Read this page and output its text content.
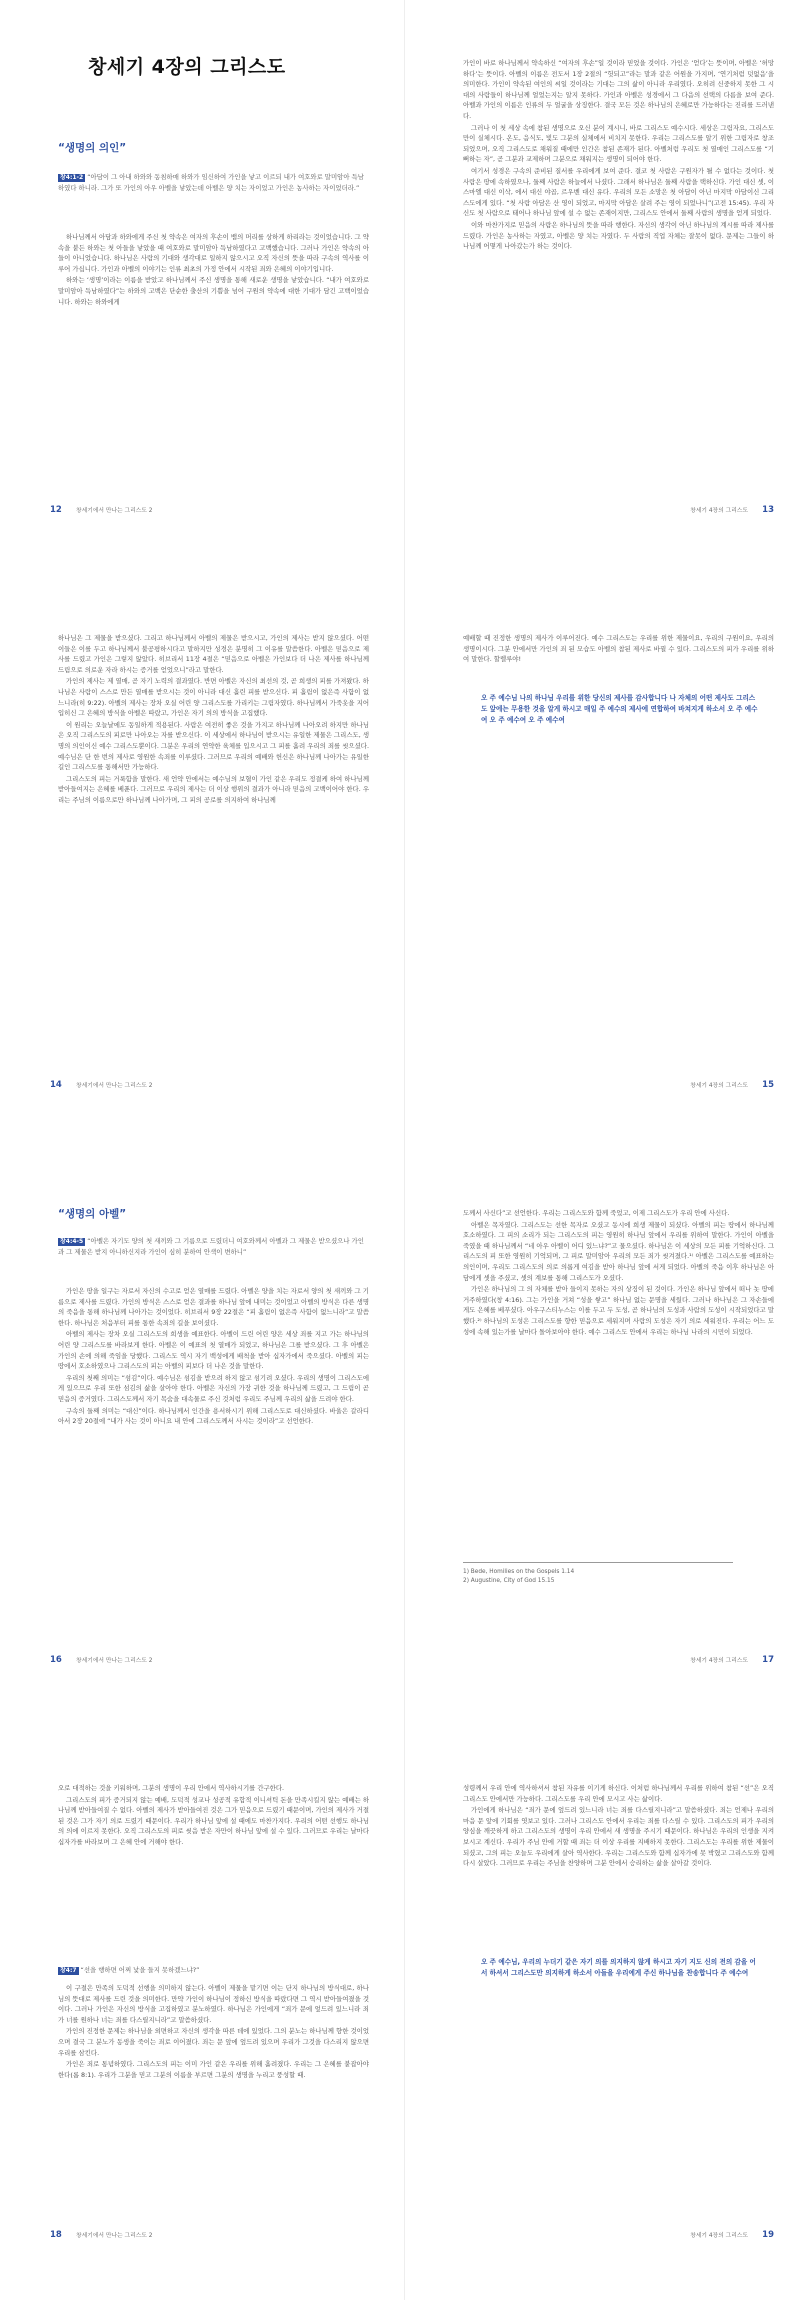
창세기 4장의 그리스도
“생명의 의인”
창4:1-2 “아담이 그 아내 하와와 동침하매 하와가 임신하여 가인을 낳고 이르되 내가 여호와로 말미암아 득남하였다 하니라. 그가 또 가인의 아우 아벨을 낳았는데 아벨은 양 치는 자이었고 가인은 농사하는 자이었더라.”

하나님께서 아담과 하와에게 주신 첫 약속은 여자의 후손이 뱀의 머리를 상하게 하리라는 것이었습니다. 그 약속을 붙든 하와는 첫 아들을 낳았을 때 여호와로 말미암아 득남하였다고 고백했습니다. 그러나 가인은 약속의 아들이 아니었습니다. 하나님은 사람의 기대와 생각대로 일하지 않으시고 오직 자신의 뜻을 따라 구속의 역사를 이루어 가십니다. 가인과 아벨의 이야기는 인류 최초의 가정 안에서 시작된 죄와 은혜의 이야기입니다.

하와는 ‘생명’이라는 이름을 받았고 하나님께서 주신 생명을 통해 새로운 생명을 낳았습니다. “내가 여호와로 말미암아 득남하였다”는 하와의 고백은 단순한 출산의 기쁨을 넘어 구원의 약속에 대한 기대가 담긴 고백이었습니다. 하와는 하와에게

12 창세기에서 만나는 그리스도 2

가인이 바로 하나님께서 약속하신 “여자의 후손”일 것이라 믿었을 것이다. 가인은 ‘얻다’는 뜻이며, 아벨은 ‘허망하다’는 뜻이다. 아벨의 이름은 전도서 1장 2절의 “헛되고”라는 말과 같은 어원을 가지며, ‘연기처럼 덧없음’을 의미한다. 가인이 약속된 여인의 씨일 것이라는 기대는 그의 삶이 아니라 우리였다. 오히려 신중하지 못한 그 시대의 사람들이 하나님께 얼었는지는 알지 못하다. 가인과 아벨은 성경에서 그 다음의 선택의 다름을 보여 준다. 아벨과 가인의 이름은 인류의 두 얼굴을 상징한다. 결국 모든 것은 하나님의 은혜로만 가능하다는 진리를 드러낸다.

그러나 이 첫 세상 속에 참된 생명으로 오신 분이 계시니, 바로 그리스도 예수시다. 세상은 그림자요, 그리스도만이 실체시다. 온도, 음식도, 빛도 그분의 실체에서 비치지 못한다. 우리는 그리스도를 알기 위한 그림자로 창조되었으며, 오직 그리스도로 채워질 때에만 인간은 참된 존재가 된다. 아벨처럼 우리도 첫 열매인 그리스도를 “기뻐하는 자”, 곧 그분과 교제하며 그분으로 채워지는 생명이 되어야 한다.

여기서 성경은 구속의 준비된 질서를 우리에게 보여 준다. 결코 첫 사람은 구원자가 될 수 없다는 것이다. 첫 사람은 땅에 속하였으나, 둘째 사람은 하늘에서 나셨다. 그래서 하나님은 둘째 사람을 택하신다. 가인 대신 셋, 이스마엘 대신 이삭, 에서 대신 야곱, 르우벤 대신 유다. 우리의 모든 소망은 첫 아담이 아닌 마지막 아담이신 그리스도에게 있다. “첫 사람 아담은 산 영이 되었고, 마지막 아담은 살려 주는 영이 되었나니”(고전 15:45). 우리 자신도 첫 사람으로 태어나 하나님 앞에 설 수 없는 존재이지만, 그리스도 안에서 둘째 사람의 생명을 얻게 되었다.

이와 마찬가지로 믿음의 사람은 하나님의 뜻을 따라 행한다. 자신의 생각이 아닌 하나님의 계시를 따라 제사를 드렸다. 가인은 농사하는 자였고, 아벨은 양 치는 자였다. 두 사람의 직업 자체는 잘못이 없다. 문제는 그들이 하나님께 어떻게 나아갔는가 하는 것이다.

창세기 4장의 그리스도 13

하나님은 그 제물을 받으셨다. 그리고 하나님께서 아벨의 제물은 받으시고, 가인의 제사는 받지 않으셨다. 어떤 이들은 이를 두고 하나님께서 불공평하시다고 말하지만 성경은 분명히 그 이유를 말씀한다. 아벨은 믿음으로 제사를 드렸고 가인은 그렇지 않았다. 히브리서 11장 4절은 “믿음으로 아벨은 가인보다 더 나은 제사를 하나님께 드림으로 의로운 자라 하시는 증거를 얻었으니”라고 말한다.

가인의 제사는 제 열매, 곧 자기 노력의 결과였다. 반면 아벨은 자신의 최선의 것, 곧 희생의 피를 가져왔다. 하나님은 사람이 스스로 만든 열매를 받으시는 것이 아니라 대신 흘린 피를 받으신다. 피 흘림이 없은즉 사함이 없느니라(히 9:22). 아벨의 제사는 장차 오실 어린 양 그리스도를 가리키는 그림자였다. 하나님께서 가죽옷을 지어 입히신 그 은혜의 방식을 아벨은 따랐고, 가인은 자기 의의 방식을 고집했다.

이 원리는 오늘날에도 동일하게 적용된다. 사람은 여전히 좋은 것을 가지고 하나님께 나아오려 하지만 하나님은 오직 그리스도의 피로만 나아오는 자를 받으신다. 이 세상에서 하나님이 받으시는 유일한 제물은 그리스도, 생명의 의인이신 예수 그리스도뿐이다. 그분은 우리의 연약한 육체를 입으시고 그 피를 흘려 우리의 죄를 씻으셨다. 예수님은 단 한 번의 제사로 영원한 속죄를 이루셨다. 그러므로 우리의 예배와 헌신은 하나님께 나아가는 유일한 길인 그리스도를 통해서만 가능하다.

그리스도의 피는 거룩함을 말한다. 새 언약 안에서는 예수님의 보혈이 가인 같은 우리도 정결케 하여 하나님께 받아들여지는 은혜를 베푼다. 그러므로 우리의 제사는 더 이상 행위의 결과가 아니라 믿음의 고백이어야 한다. 우리는 주님의 이름으로만 하나님께 나아가며, 그 피의 공로를 의지하여 하나님께

14 창세기에서 만나는 그리스도 2

예배할 때 진정한 생명의 제사가 이루어진다. 예수 그리스도는 우리를 위한 제물이요, 우리의 구원이요, 우리의 생명이시다. 그분 안에서만 가인의 죄 된 모습도 아벨의 참된 제사로 바뀔 수 있다. 그리스도의 피가 우리를 위하여 말한다. 할렐루야!

오 주 예수님 나의 하나님 우리를 위한 당신의 제사를 감사합니다 나 자체의 어떤 제사도 그리스도 앞에는 무용한 것을 알게 하시고 매일 주 예수의 제사에 연합하여 바쳐지게 하소서 오 주 예수여 오 주 예수여 오 주 예수여
창세기 4장의 그리스도 15
“생명의 아벨”
창4:4-5 “아벨은 자기도 양의 첫 새끼와 그 기름으로 드렸더니 여호와께서 아벨과 그 제물은 받으셨으나 가인과 그 제물은 받지 아니하신지라 가인이 심히 분하여 안색이 변하니”

가인은 땅을 일구는 자로서 자신의 수고로 얻은 열매를 드렸다. 아벨은 양을 치는 자로서 양의 첫 새끼와 그 기름으로 제사를 드렸다. 가인의 방식은 스스로 얻은 결과를 하나님 앞에 내미는 것이었고 아벨의 방식은 다른 생명의 죽음을 통해 하나님께 나아가는 것이었다. 히브리서 9장 22절은 “피 흘림이 없은즉 사함이 없느니라”고 말씀한다. 하나님은 처음부터 피를 통한 속죄의 길을 보이셨다.

아벨의 제사는 장차 오실 그리스도의 희생을 예표한다. 아벨이 드린 어린 양은 세상 죄를 지고 가는 하나님의 어린 양 그리스도를 바라보게 한다. 아벨은 이 예표의 첫 열매가 되었고, 하나님은 그를 받으셨다. 그 후 아벨은 가인의 손에 의해 죽임을 당했다. 그리스도 역시 자기 백성에게 배척을 받아 십자가에서 죽으셨다. 아벨의 피는 땅에서 호소하였으나 그리스도의 피는 아벨의 피보다 더 나은 것을 말한다.

우리의 첫째 의미는 “섬김”이다. 예수님은 섬김을 받으려 하지 않고 섬기려 오셨다. 우리의 생명이 그리스도에게 있으므로 우리 또한 섬김의 삶을 살아야 한다. 아벨은 자신의 가장 귀한 것을 하나님께 드렸고, 그 드림이 곧 믿음의 증거였다. 그리스도께서 자기 목숨을 대속물로 주신 것처럼 우리도 주님께 우리의 삶을 드려야 한다.

구속의 둘째 의미는 “대신”이다. 하나님께서 인간을 용서하시기 위해 그리스도로 대신하셨다. 바울은 갈라디아서 2장 20절에 “내가 사는 것이 아니요 내 안에 그리스도께서 사시는 것이라”고 선언한다.

16 창세기에서 만나는 그리스도 2

도께서 사신다”고 선언한다. 우리는 그리스도와 함께 죽었고, 이제 그리스도가 우리 안에 사신다.

아벨은 목자였다. 그리스도는 선한 목자로 오셨고 동시에 희생 제물이 되셨다. 아벨의 피는 땅에서 하나님께 호소하였다. 그 피의 소리가 되는 그리스도의 피는 영원히 하나님 앞에서 우리를 위하여 말한다. 가인이 아벨을 죽였을 때 하나님께서 “네 아우 아벨이 어디 있느냐?”고 물으셨다. 하나님은 이 세상의 모든 피를 기억하신다. 그리스도의 피 또한 영원히 기억되며, 그 피로 말미암아 우리의 모든 죄가 씻겨졌다.¹⁾ 아벨은 그리스도를 예표하는 의인이며, 우리도 그리스도의 의로 의롭게 여김을 받아 하나님 앞에 서게 되었다. 아벨의 죽음 이후 하나님은 아담에게 셋을 주셨고, 셋의 계보를 통해 그리스도가 오셨다.

가인은 하나님의 그 의 자체를 받아 들이지 못하는 자의 상징이 된 것이다. 가인은 하나님 앞에서 떠나 놋 땅에 거주하였다(창 4:16). 그는 가인을 거쳐 “성을 쌓고” 하나님 없는 문명을 세웠다. 그러나 하나님은 그 자손들에게도 은혜를 베푸셨다. 아우구스티누스는 이를 두고 두 도성, 곧 하나님의 도성과 사람의 도성이 시작되었다고 말했다.²⁾ 하나님의 도성은 그리스도를 향한 믿음으로 세워지며 사람의 도성은 자기 의로 세워진다. 우리는 어느 도성에 속해 있는가를 날마다 돌아보아야 한다. 예수 그리스도 안에서 우리는 하나님 나라의 시민이 되었다.

1) Bede, Homilies on the Gospels 1.14
2) Augustine, City of God 15.15
창세기 4장의 그리스도 17

오로 대적하는 것을 키워하며, 그분의 생명이 우리 안에서 역사하시기를 간구한다.

그리스도의 피가 증거되지 않는 예배, 도덕적 성교나 성공적 유합적 이니셔틱 돈을 만족시킬지 않는 예배는 하나님께 받아들여질 수 없다. 아벨의 제사가 받아들여진 것은 그가 믿음으로 드렸기 때문이며, 가인의 제사가 거절된 것은 그가 자기 의로 드렸기 때문이다. 우리가 하나님 앞에 설 때에도 마찬가지다. 우리의 어떤 선행도 하나님의 의에 이르지 못한다. 오직 그리스도의 피로 씻음 받은 자만이 하나님 앞에 설 수 있다. 그러므로 우리는 날마다 십자가를 바라보며 그 은혜 안에 거해야 한다.

창4:7 “선을 행하면 어찌 낯을 들지 못하겠느냐?”

이 구절은 만족의 도덕적 선행을 의미하지 않는다. 아벨이 제물을 맡기면 이는 단지 하나님의 방식대로, 하나님의 뜻대로 제사를 드린 것을 의미한다. 만약 가인이 하나님이 정하신 방식을 따랐다면 그 역시 받아들여졌을 것이다. 그러나 가인은 자신의 방식을 고집하였고 분노하였다. 하나님은 가인에게 “죄가 문에 엎드려 있느니라 죄가 너를 원하나 너는 죄를 다스릴지니라”고 말씀하셨다.

가인의 진정한 문제는 하나님을 외면하고 자신의 생각을 따른 데에 있었다. 그의 분노는 하나님께 향한 것이었으며 결국 그 분노가 동생을 죽이는 죄로 이어졌다. 죄는 문 앞에 엎드려 있으며 우리가 그것을 다스리지 않으면 우리를 삼킨다.

가인은 죄로 통념하였다. 그리스도의 피는 이미 가인 같은 우리를 위해 흘려졌다. 우리는 그 은혜를 붙잡아야 한다(롬 8:1). 우리가 그분을 믿고 그분의 이름을 부르면 그분의 생명을 누리고 풍성할 때.

18 창세기에서 만나는 그리스도 2

성령께서 우리 안에 역사하셔서 참된 자유를 이기게 하신다. 이처럼 하나님께서 우리를 위하여 참된 “선”은 오직 그리스도 안에서만 가능하다. 그리스도를 우리 안에 모시고 사는 삶이다.

가인에게 하나님은 “죄가 문에 엎드려 있느니라 너는 죄를 다스릴지니라”고 말씀하셨다. 죄는 언제나 우리의 마음 문 앞에 기회를 엿보고 있다. 그러나 그리스도 안에서 우리는 죄를 다스릴 수 있다. 그리스도의 피가 우리의 양심을 깨끗하게 하고 그리스도의 생명이 우리 안에서 새 생명을 주시기 때문이다. 하나님은 우리의 인생을 지켜 보시고 계신다. 우리가 주님 안에 거할 때 죄는 더 이상 우리를 지배하지 못한다. 그리스도는 우리를 위한 제물이 되셨고, 그의 피는 오늘도 우리에게 살아 역사한다. 우리는 그리스도와 함께 십자가에 못 박혔고 그리스도와 함께 다시 살았다. 그러므로 우리는 주님을 찬양하며 그분 안에서 승리하는 삶을 살아갈 것이다.

오 주 예수님, 우리의 누더기 같은 자기 의를 의지하지 않게 하시고 자기 지도 신의 전의 감을 어서 하셔서 그리스도만 의지하게 하소서 아들을 우리에게 주신 하나님을 찬송합니다 주 예수여
창세기 4장의 그리스도 19
